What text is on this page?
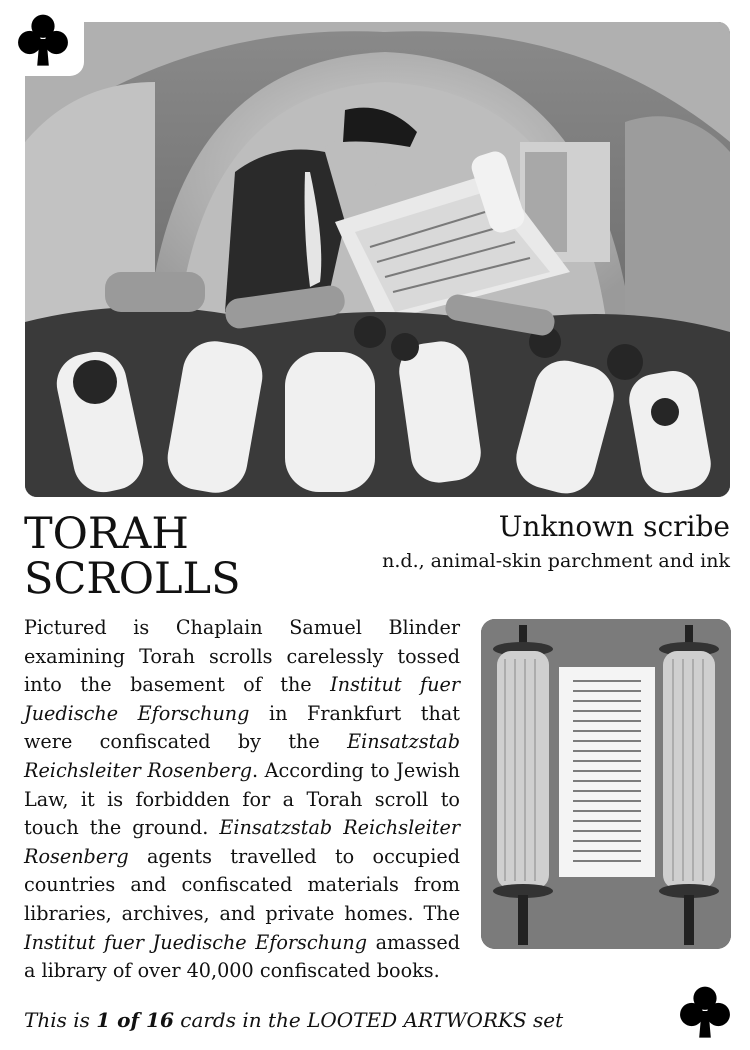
TORAH
SCROLLS
Unknown scribe
n.d., animal-skin parchment and ink

Pictured is Chaplain Samuel Blinder examining Torah scrolls carelessly tossed into the basement of the Institut fuer Juedische Eforschung in Frankfurt that were confiscated by the Einsatzstab Reichsleiter Rosenberg. According to Jewish Law, it is forbidden for a Torah scroll to touch the ground. Einsatzstab Reichsleiter Rosenberg agents travelled to occupied countries and confiscated materials from libraries, archives, and private homes. The Institut fuer Juedische Eforschung amassed a library of over 40,000 confiscated books.

This is 1 of 16 cards in the LOOTED ARTWORKS set
